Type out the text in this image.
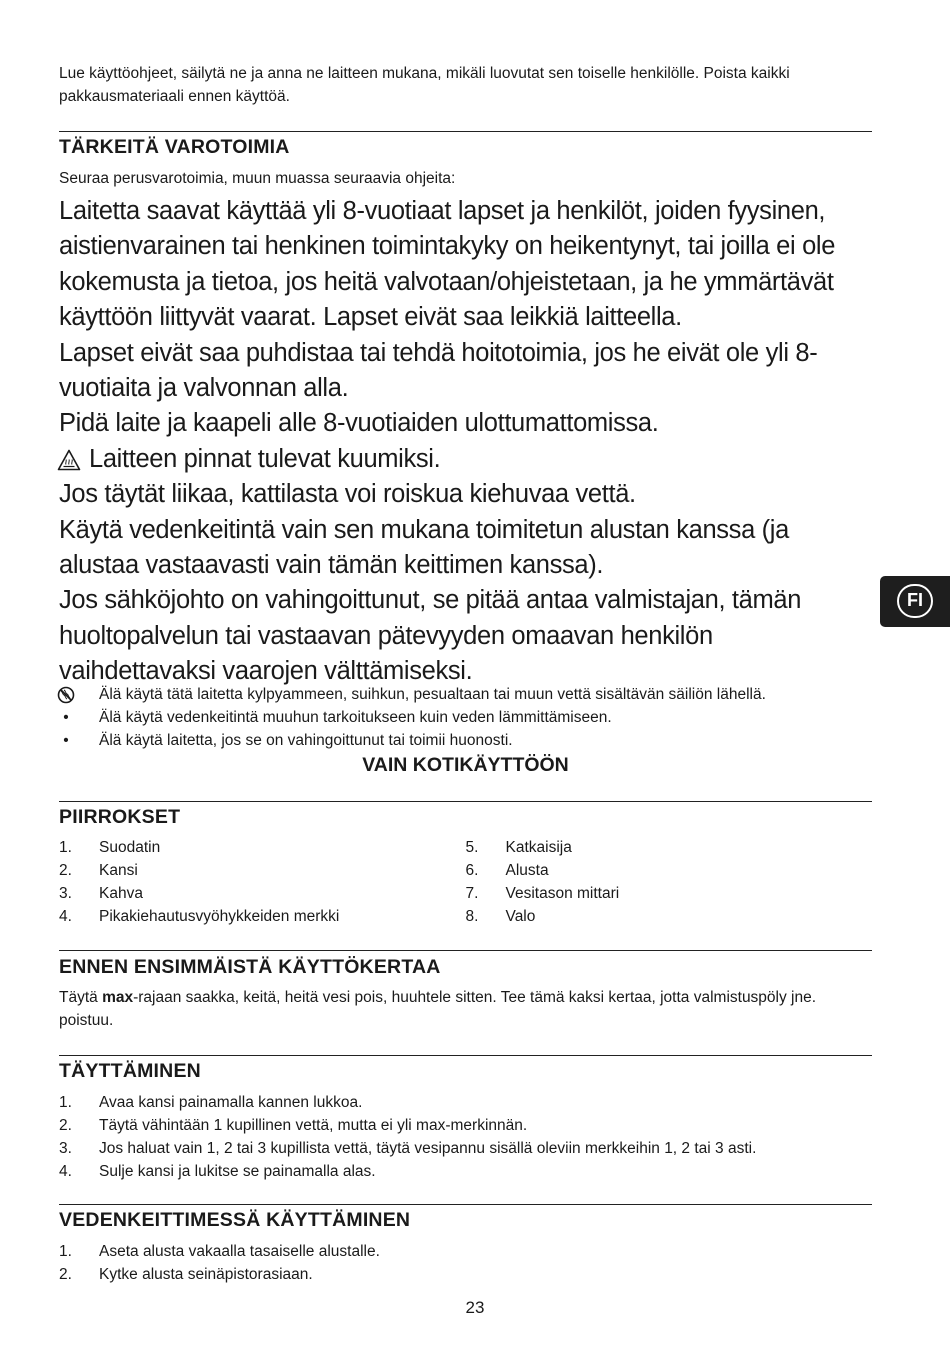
Lue käyttöohjeet, säilytä ne ja anna ne laitteen mukana, mikäli luovutat sen toiselle henkilölle. Poista kaikki pakkausmateriaali ennen käyttöä.
TÄRKEITÄ VAROTOIMIA
Seuraa perusvarotoimia, muun muassa seuraavia ohjeita:

Laitetta saavat käyttää yli 8-vuotiaat lapset ja henkilöt, joiden fyysinen, aistienvarainen tai henkinen toimintakyky on heikentynyt, tai joilla ei ole kokemusta ja tietoa, jos heitä valvotaan/ohjeistetaan, ja he ymmärtävät käyttöön liittyvät vaarat. Lapset eivät saa leikkiä laitteella.

Lapset eivät saa puhdistaa tai tehdä hoitotoimia, jos he eivät ole yli 8-vuotiaita ja valvonnan alla.

Pidä laite ja kaapeli alle 8-vuotiaiden ulottumattomissa.

Laitteen pinnat tulevat kuumiksi.

Jos täytät liikaa, kattilasta voi roiskua kiehuvaa vettä.

Käytä vedenkeitintä vain sen mukana toimitetun alustan kanssa (ja alustaa vastaavasti vain tämän keittimen kanssa).

Jos sähköjohto on vahingoittunut, se pitää antaa valmistajan, tämän huoltopalvelun tai vastaavan pätevyyden omaavan henkilön vaihdettavaksi vaarojen välttämiseksi.

Älä käytä tätä laitetta kylpyammeen, suihkun, pesualtaan tai muun vettä sisältävän säiliön lähellä.
•	Älä käytä vedenkeitintä muuhun tarkoitukseen kuin veden lämmittämiseen.
•	Älä käytä laitetta, jos se on vahingoittunut tai toimii huonosti.
VAIN KOTIKÄYTTÖÖN
PIIRROKSET
1. Suodatin
2. Kansi
3. Kahva
4. Pikakiehautusvyöhykkeiden merkki
5. Katkaisija
6. Alusta
7. Vesitason mittari
8. Valo
ENNEN ENSIMMÄISTÄ KÄYTTÖKERTAA
Täytä max-rajaan saakka, keitä, heitä vesi pois, huuhtele sitten. Tee tämä kaksi kertaa, jotta valmistuspöly jne. poistuu.
TÄYTTÄMINEN
1. Avaa kansi painamalla kannen lukkoa.
2. Täytä vähintään 1 kupillinen vettä, mutta ei yli max-merkinnän.
3. Jos haluat vain 1, 2 tai 3 kupillista vettä, täytä vesipannu sisällä oleviin merkkeihin 1, 2 tai 3 asti.
4. Sulje kansi ja lukitse se painamalla alas.
VEDENKEITTIMESSÄ KÄYTTÄMINEN
1. Aseta alusta vakaalla tasaiselle alustalle.
2. Kytke alusta seinäpistorasiaan.
FI
23
